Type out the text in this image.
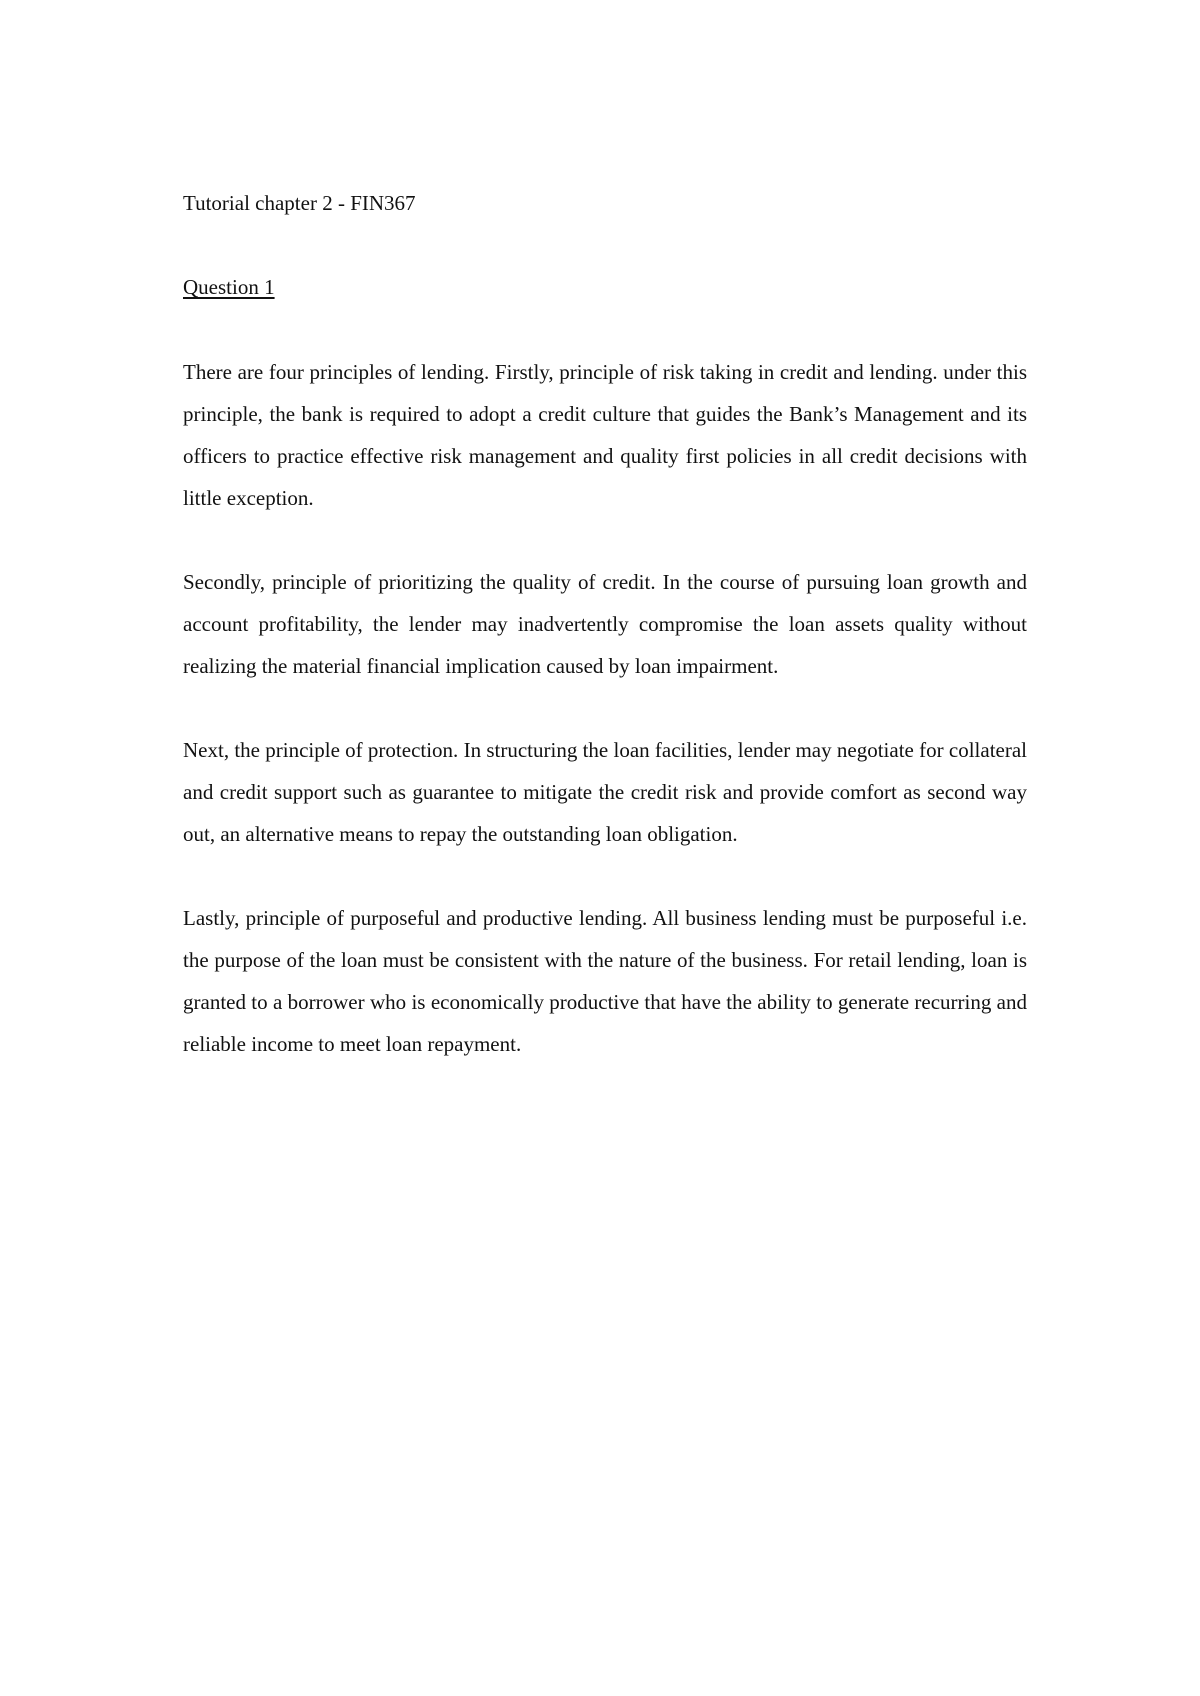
Tutorial chapter 2 - FIN367
Question 1

There are four principles of lending. Firstly, principle of risk taking in credit and lending. under this principle, the bank is required to adopt a credit culture that guides the Bank’s Management and its officers to practice effective risk management and quality first policies in all credit decisions with little exception.

Secondly, principle of prioritizing the quality of credit. In the course of pursuing loan growth and account profitability, the lender may inadvertently compromise the loan assets quality without realizing the material financial implication caused by loan impairment.

Next, the principle of protection. In structuring the loan facilities, lender may negotiate for collateral and credit support such as guarantee to mitigate the credit risk and provide comfort as second way out, an alternative means to repay the outstanding loan obligation.

Lastly, principle of purposeful and productive lending. All business lending must be purposeful i.e. the purpose of the loan must be consistent with the nature of the business. For retail lending, loan is granted to a borrower who is economically productive that have the ability to generate recurring and reliable income to meet loan repayment.
